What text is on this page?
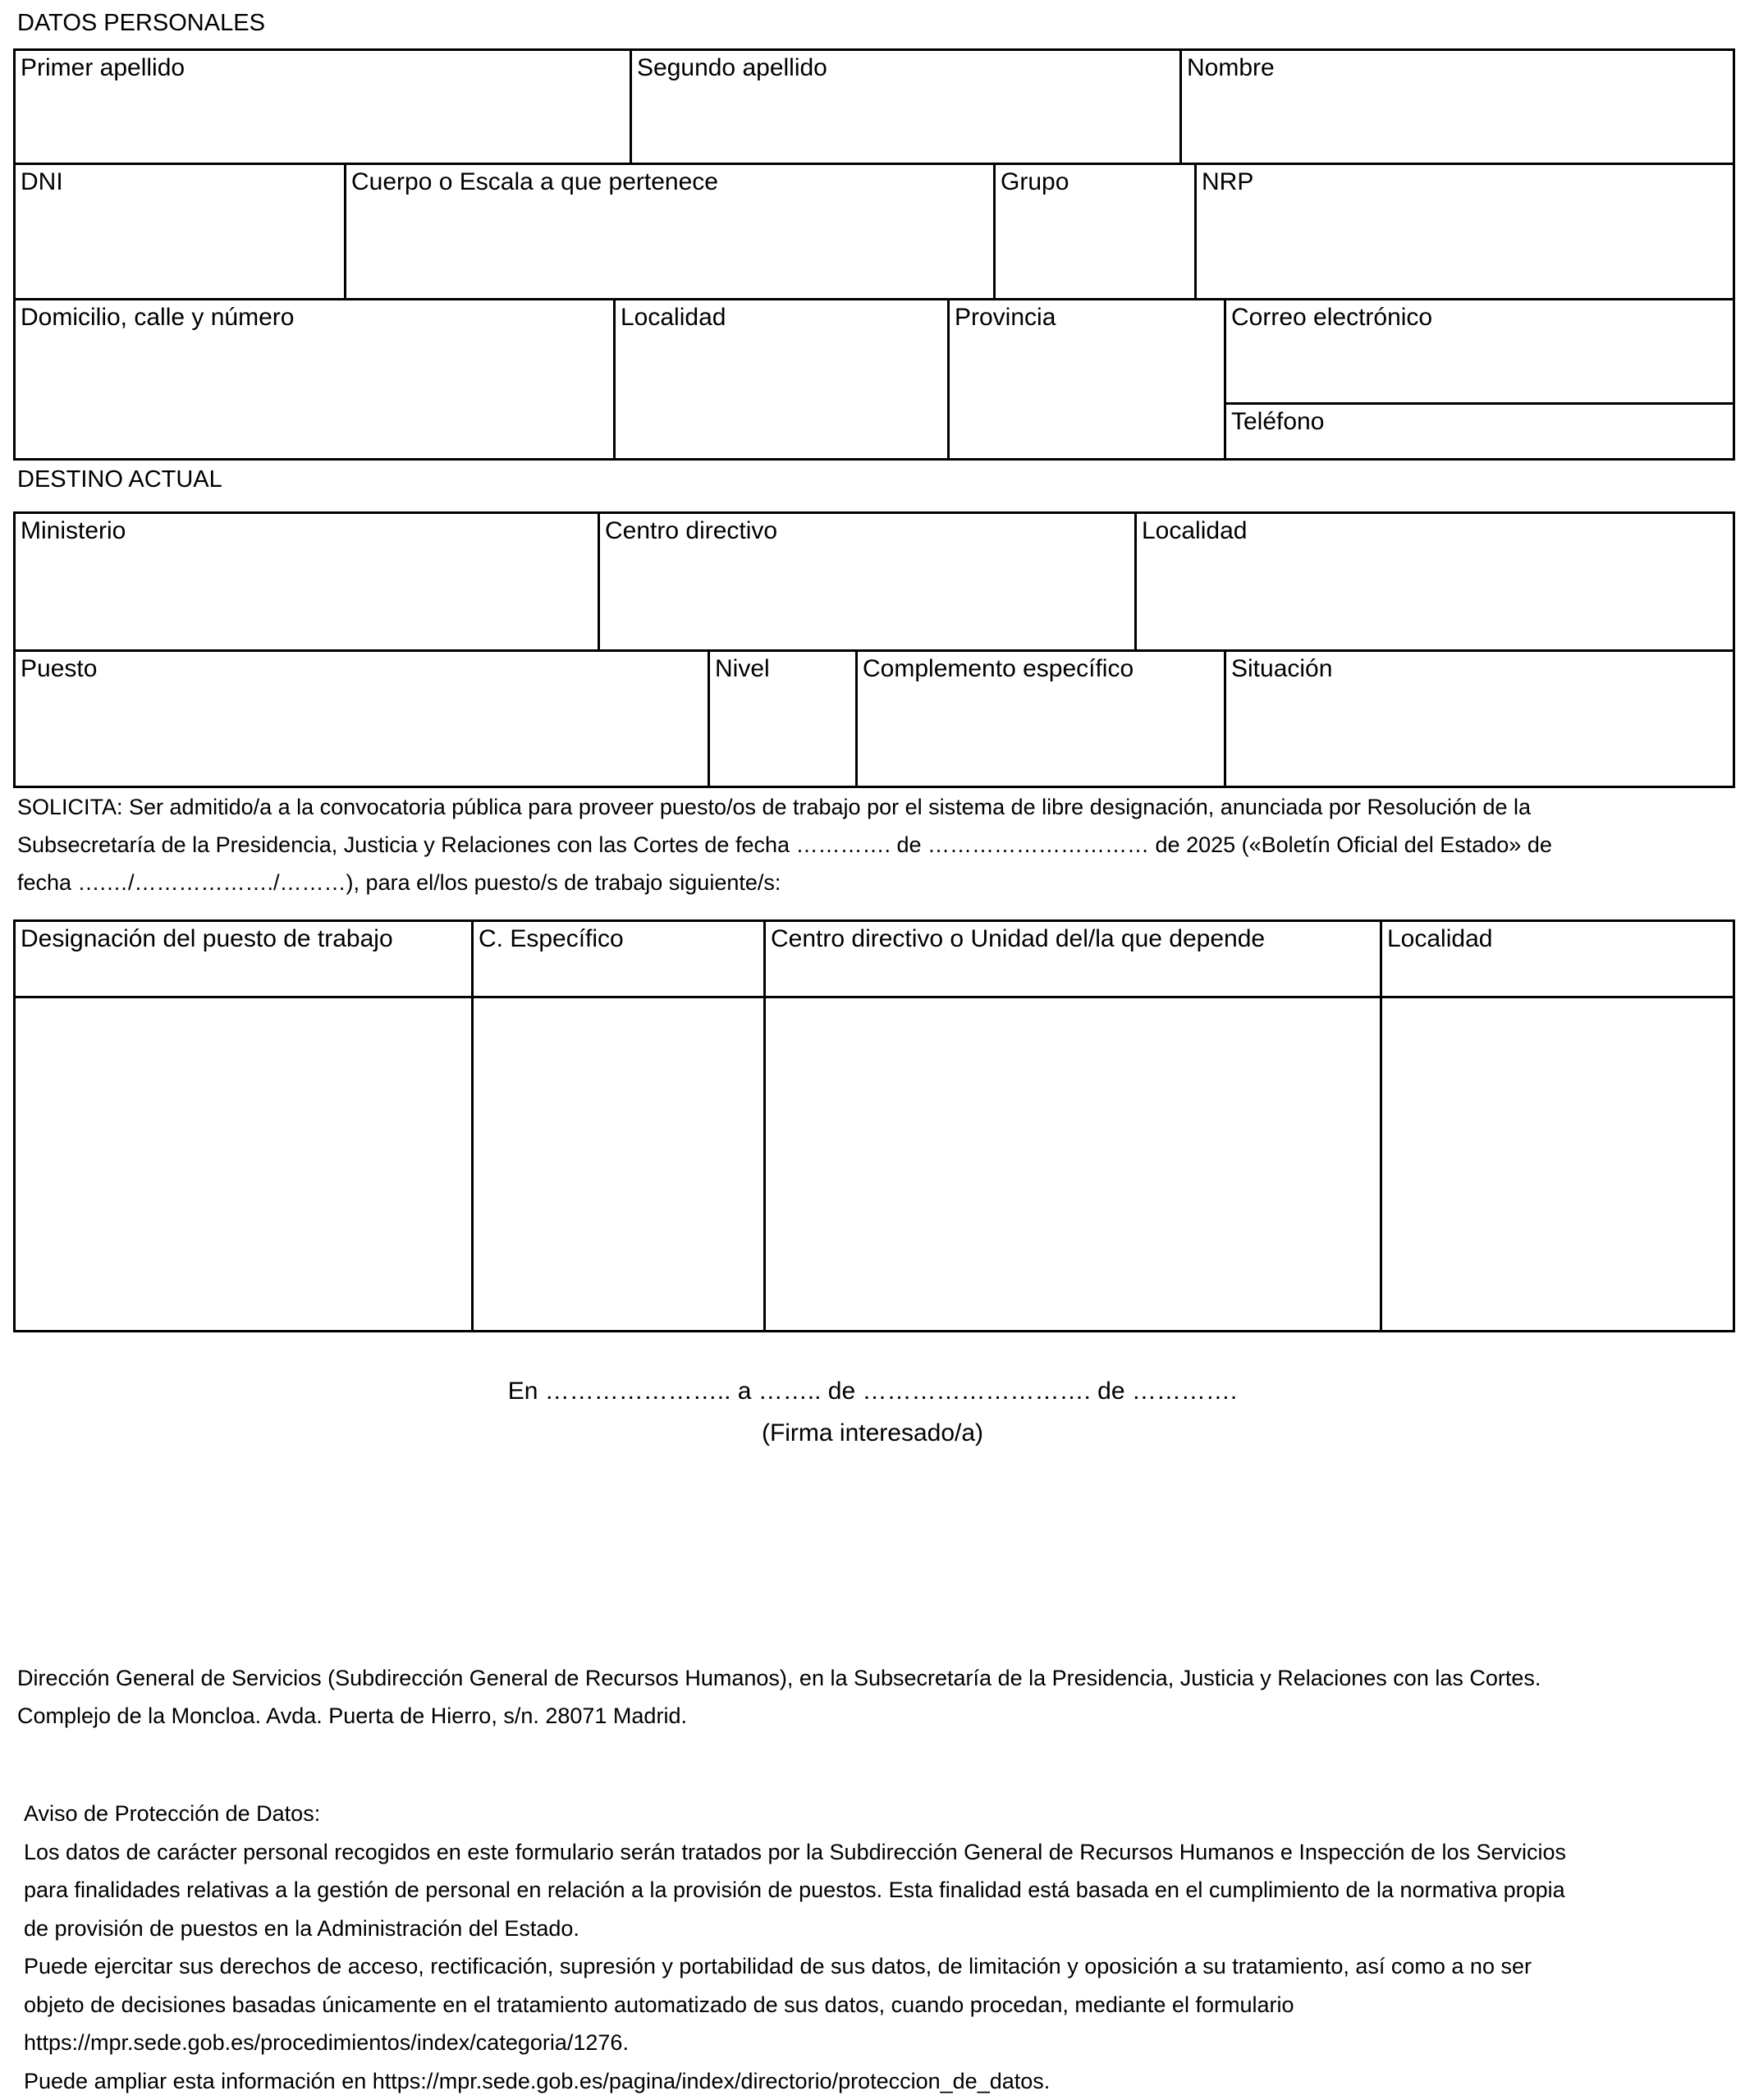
DATOS PERSONALES
Primer apellido	Segundo apellido	Nombre
DNI	Cuerpo o Escala a que pertenece	Grupo	NRP
Domicilio, calle y número	Localidad	Provincia	Correo electrónico
Teléfono
DESTINO ACTUAL
Ministerio	Centro directivo	Localidad
Puesto	Nivel	Complemento específico	Situación
SOLICITA: Ser admitido/a a la convocatoria pública para proveer puesto/os de trabajo por el sistema de libre designación, anunciada por Resolución de la
Subsecretaría de la Presidencia, Justicia y Relaciones con las Cortes de fecha …………. de ………………………… de 2025 («Boletín Oficial del Estado» de
fecha ….…/………………./………), para el/los puesto/s de trabajo siguiente/s:
Designación del puesto de trabajo	C. Específico	Centro directivo o Unidad del/la que depende	Localidad
En ………………….. a …….. de ………………………. de ………….
(Firma interesado/a)
Dirección General de Servicios (Subdirección General de Recursos Humanos), en la Subsecretaría de la Presidencia, Justicia y Relaciones con las Cortes.
Complejo de la Moncloa. Avda. Puerta de Hierro, s/n. 28071 Madrid.
Aviso de Protección de Datos:
Los datos de carácter personal recogidos en este formulario serán tratados por la Subdirección General de Recursos Humanos e Inspección de los Servicios
para finalidades relativas a la gestión de personal en relación a la provisión de puestos. Esta finalidad está basada en el cumplimiento de la normativa propia
de provisión de puestos en la Administración del Estado.
Puede ejercitar sus derechos de acceso, rectificación, supresión y portabilidad de sus datos, de limitación y oposición a su tratamiento, así como a no ser
objeto de decisiones basadas únicamente en el tratamiento automatizado de sus datos, cuando procedan, mediante el formulario
https://mpr.sede.gob.es/procedimientos/index/categoria/1276.
Puede ampliar esta información en https://mpr.sede.gob.es/pagina/index/directorio/proteccion_de_datos.
